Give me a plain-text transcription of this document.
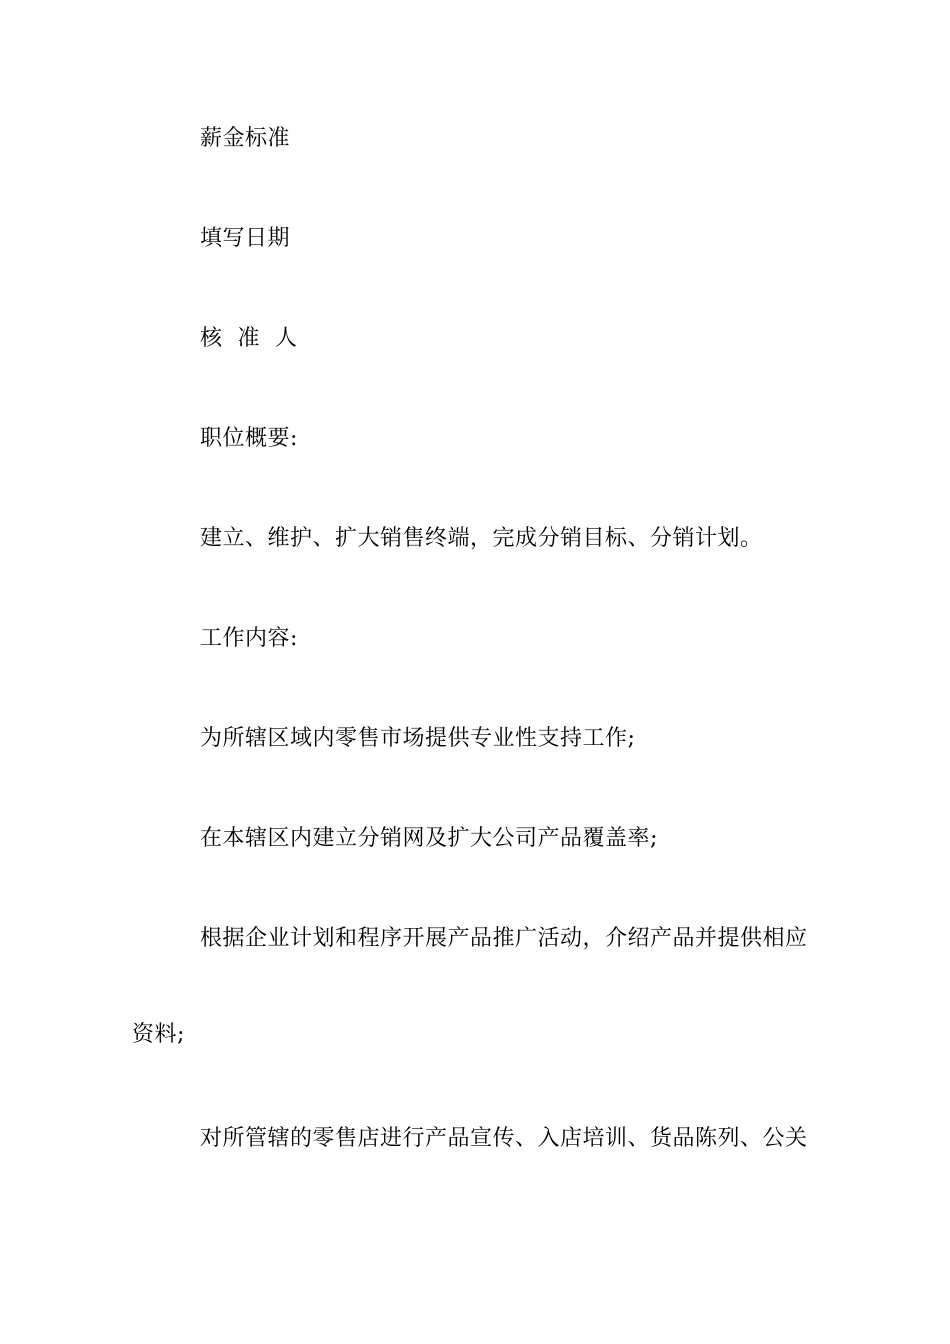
薪金标准
填写日期
核  准  人
职位概要:
建立、维护、扩大销售终端，完成分销目标、分销计划。
工作内容:
为所辖区域内零售市场提供专业性支持工作;
在本辖区内建立分销网及扩大公司产品覆盖率;
根据企业计划和程序开展产品推广活动，介绍产品并提供相应
资料;
对所管辖的零售店进行产品宣传、入店培训、货品陈列、公关
